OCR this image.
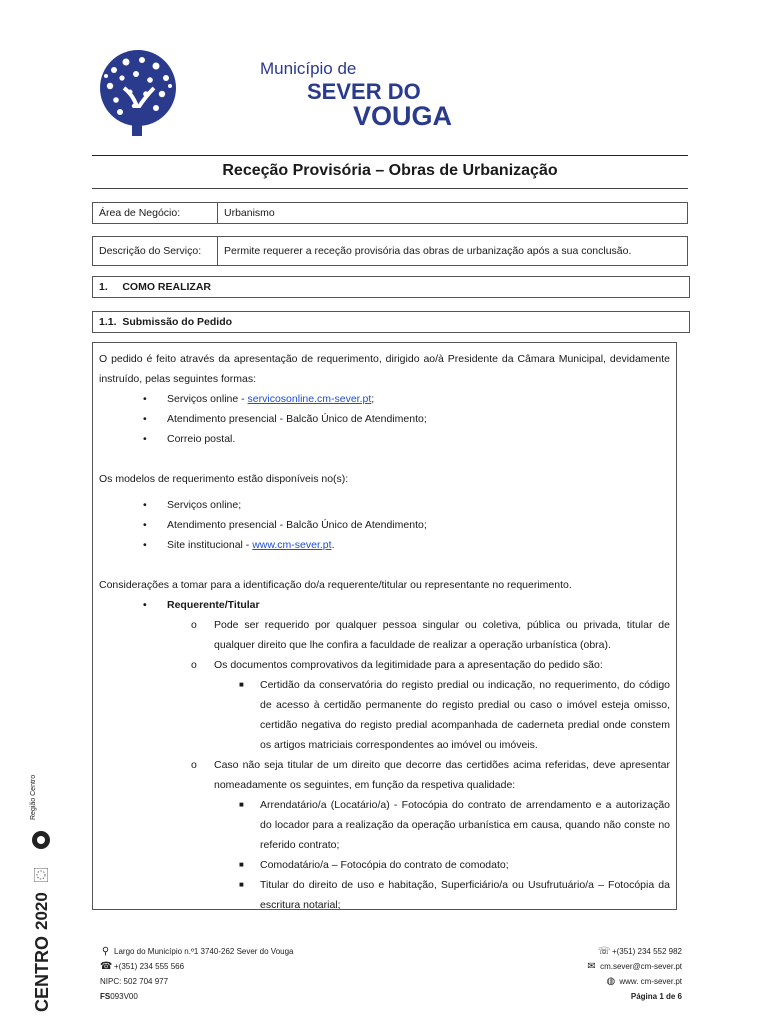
Município de
SEVER DO
VOUGA
Receção Provisória – Obras de Urbanização
Área de Negócio:	Urbanismo
Descrição do Serviço:	Permite requerer a receção provisória das obras de urbanização após a sua conclusão.
1.     COMO REALIZAR
1.1.  Submissão do Pedido

O pedido é feito através da apresentação de requerimento, dirigido ao/à Presidente da Câmara Municipal, devidamente instruído, pelas seguintes formas:

• Serviços online - servicosonline.cm-sever.pt;

• Atendimento presencial - Balcão Único de Atendimento;

• Correio postal.

Os modelos de requerimento estão disponíveis no(s):

• Serviços online;

• Atendimento presencial - Balcão Único de Atendimento;

• Site institucional - www.cm-sever.pt.

Considerações a tomar para a identificação do/a requerente/titular ou representante no requerimento.

• Requerente/Titular

o Pode ser requerido por qualquer pessoa singular ou coletiva, pública ou privada, titular de qualquer direito que lhe confira a faculdade de realizar a operação urbanística (obra).

o Os documentos comprovativos da legitimidade para a apresentação do pedido são:

■ Certidão da conservatória do registo predial ou indicação, no requerimento, do código de acesso à certidão permanente do registo predial ou caso o imóvel esteja omisso, certidão negativa do registo predial acompanhada de caderneta predial onde constem os artigos matriciais correspondentes ao imóvel ou imóveis.

o Caso não seja titular de um direito que decorre das certidões acima referidas, deve apresentar nomeadamente os seguintes, em função da respetiva qualidade:

■ Arrendatário/a (Locatário/a) - Fotocópia do contrato de arrendamento e a autorização do locador para a realização da operação urbanística em causa, quando não conste no referido contrato;

■ Comodatário/a – Fotocópia do contrato de comodato;

■ Titular do direito de uso e habitação, Superficiário/a ou Usufrutuário/a – Fotocópia da escritura notarial;

Região Centro
2020
CENTRO	⚲ Largo do Município n.º1 3740-262 Sever do Vouga
☎ +(351) 234 555 566
NIPC: 502 704 977
FS093V00
☏+(351) 234 552 982
✉ cm.sever@cm-sever.pt
◍ www. cm-sever.pt
Página 1 de 6
